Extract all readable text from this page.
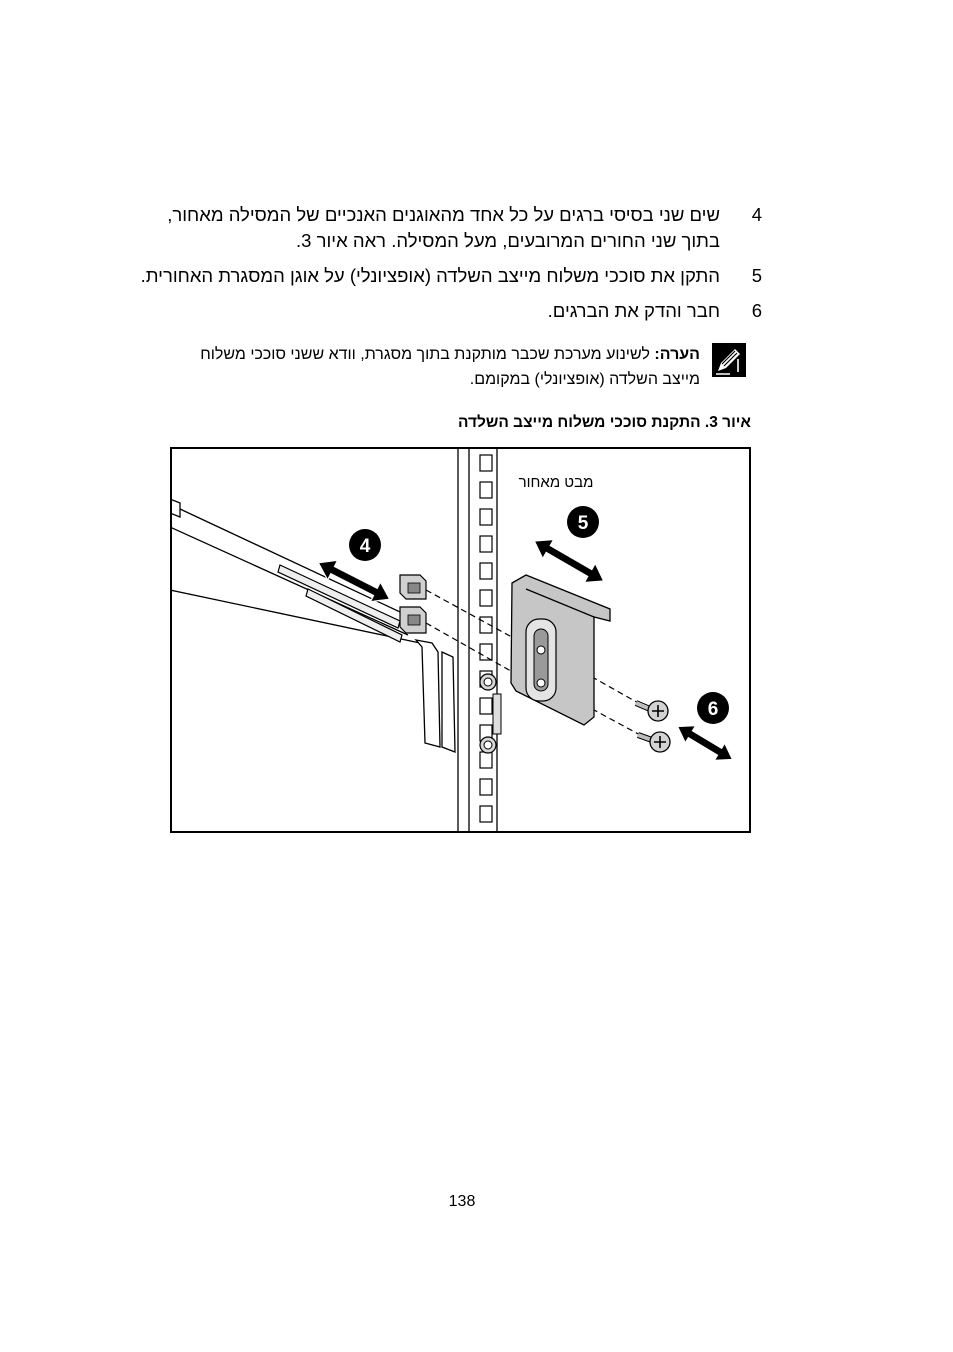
4
שים שני בסיסי ברגים על כל אחד מהאוגנים האנכיים של המסילה מאחור,
בתוך שני החורים המרובעים, מעל המסילה. ראה איור 3.
5
התקן את סוככי משלוח מייצב השלדה (אופציונלי) על אוגן המסגרת האחורית.
6
חבר והדק את הברגים.
הערה: לשינוע מערכת שכבר מותקנת בתוך מסגרת, וודא ששני סוככי משלוח
מייצב השלדה (אופציונלי) במקומם.
איור 3. התקנת סוככי משלוח מייצב השלדה
4
5
6
מבט מאחור
138
